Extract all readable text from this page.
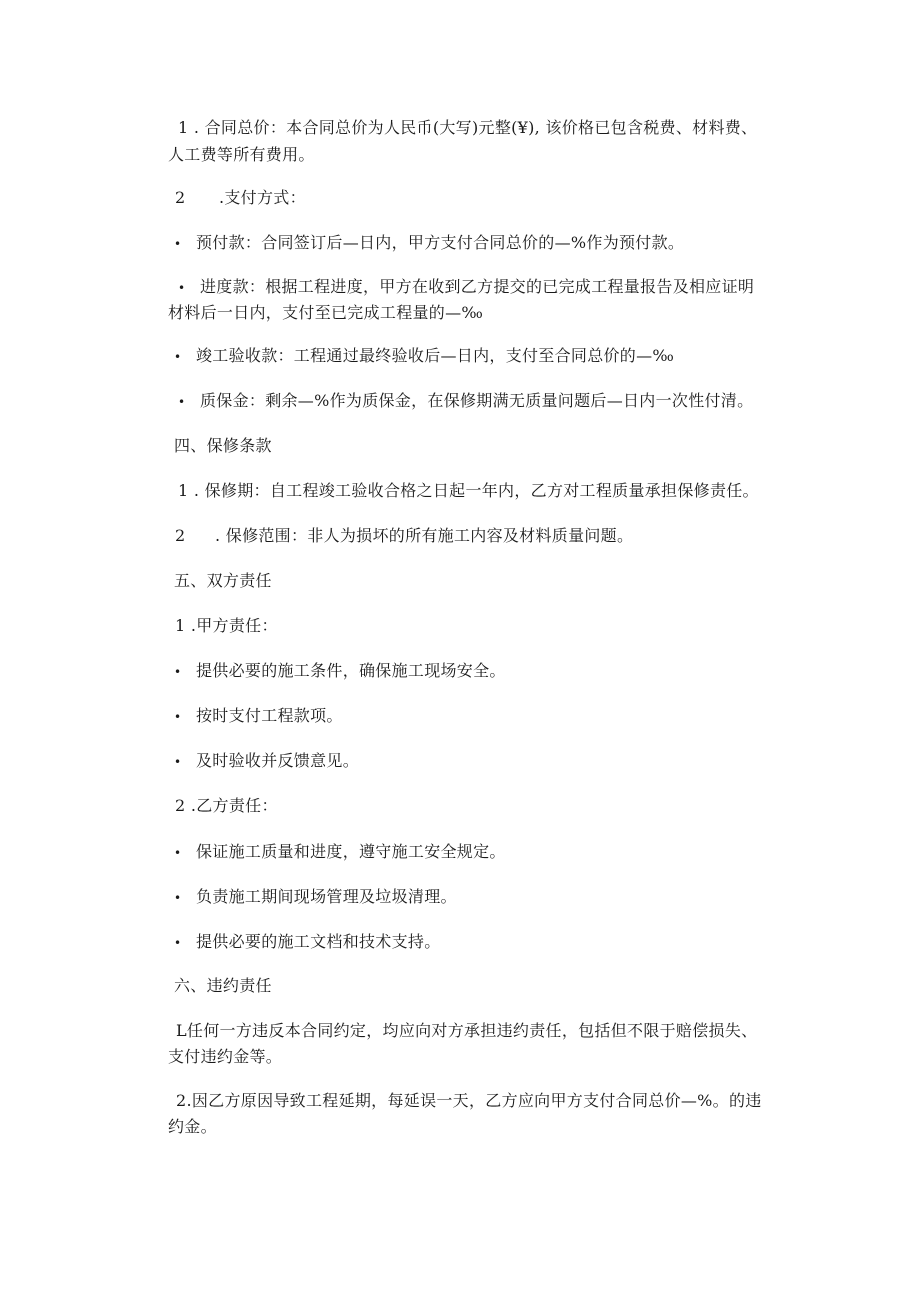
1 . 合同总价：本合同总价为人民币(大写)元整(¥), 该价格已包含税费、材料费、
人工费等所有费用。
2 .支付方式：
• 预付款：合同签订后—日内，甲方支付合同总价的—%作为预付款。
• 进度款：根据工程进度，甲方在收到乙方提交的已完成工程量报告及相应证明
材料后一日内，支付至已完成工程量的—‰
• 竣工验收款：工程通过最终验收后—日内，支付至合同总价的—‰
• 质保金：剩余—%作为质保金，在保修期满无质量问题后—日内一次性付清。
四、保修条款
1 . 保修期：自工程竣工验收合格之日起一年内，乙方对工程质量承担保修责任。
2 . 保修范围：非人为损坏的所有施工内容及材料质量问题。
五、双方责任
1 .甲方责任：
• 提供必要的施工条件，确保施工现场安全。
• 按时支付工程款项。
• 及时验收并反馈意见。
2 .乙方责任：
• 保证施工质量和进度，遵守施工安全规定。
• 负责施工期间现场管理及垃圾清理。
• 提供必要的施工文档和技术支持。
六、违约责任
L任何一方违反本合同约定，均应向对方承担违约责任，包括但不限于赔偿损失、
支付违约金等。
2.因乙方原因导致工程延期，每延误一天，乙方应向甲方支付合同总价—%。的违
约金。
